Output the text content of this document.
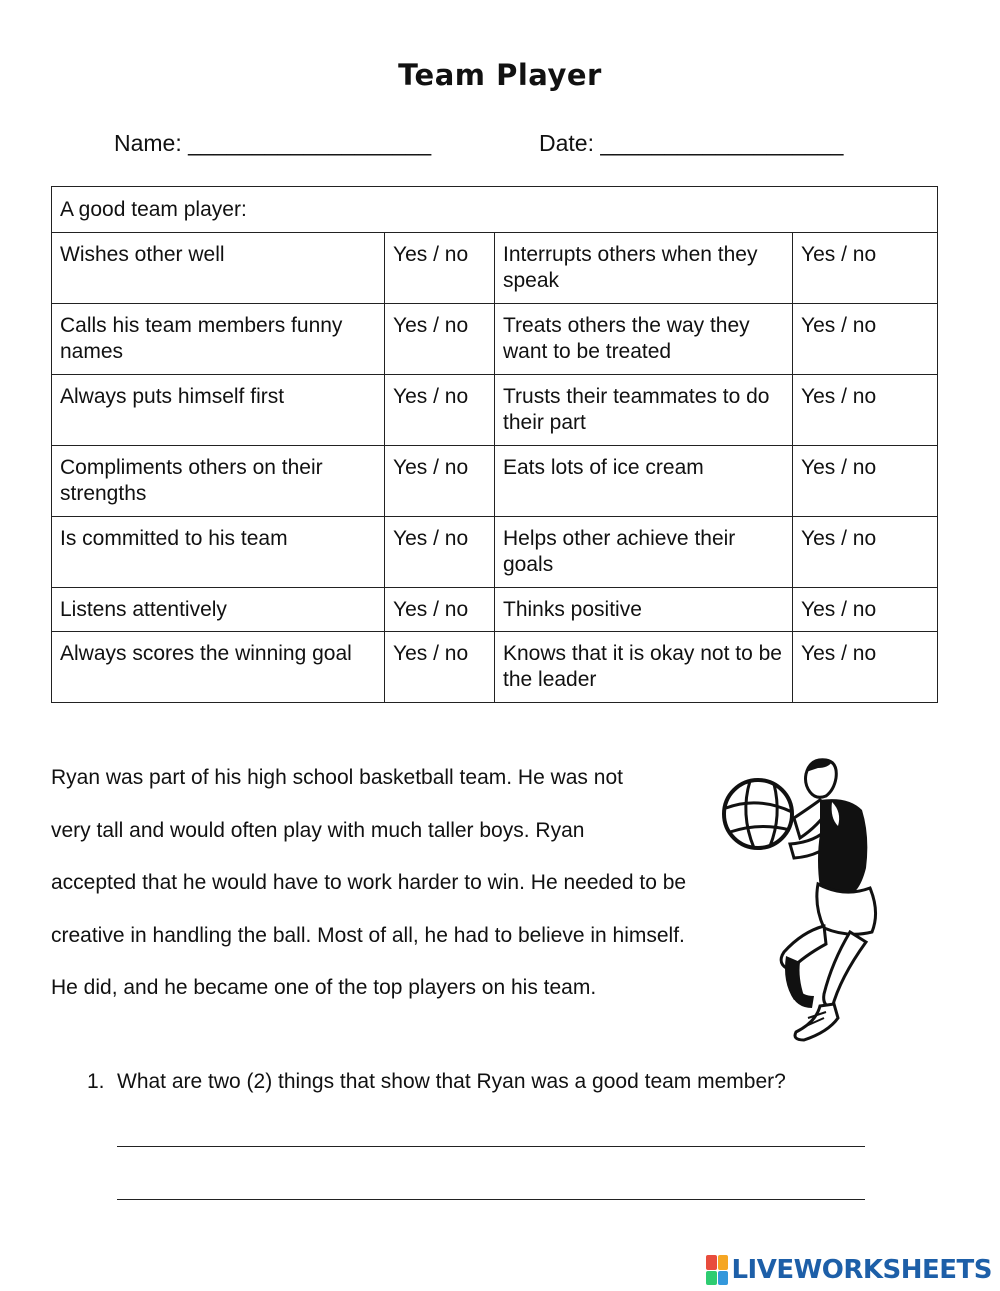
Team Player
Name: ___________________	Date: ___________________
A good team player:			
Wishes other well	Yes / no	Interrupts others when they speak	Yes / no
Calls his team members funny names	Yes / no	Treats others the way they want to be treated	Yes / no
Always puts himself first	Yes / no	Trusts their teammates to do their part	Yes / no
Compliments others on their strengths	Yes / no	Eats lots of ice cream	Yes / no
Is committed to his team	Yes / no	Helps other achieve their goals	Yes / no
Listens attentively	Yes / no	Thinks positive	Yes / no
Always scores the winning goal	Yes / no	Knows that it is okay not to be the leader	Yes / no
Ryan was part of his high school basketball team. He was not
very tall and would often play with much taller boys. Ryan
accepted that he would have to work harder to win. He needed to be
creative in handling the ball. Most of all, he had to believe in himself.
He did, and he became one of the top players on his team.
1. What are two (2) things that show that Ryan was a good team member?
LIVEWORKSHEETS
